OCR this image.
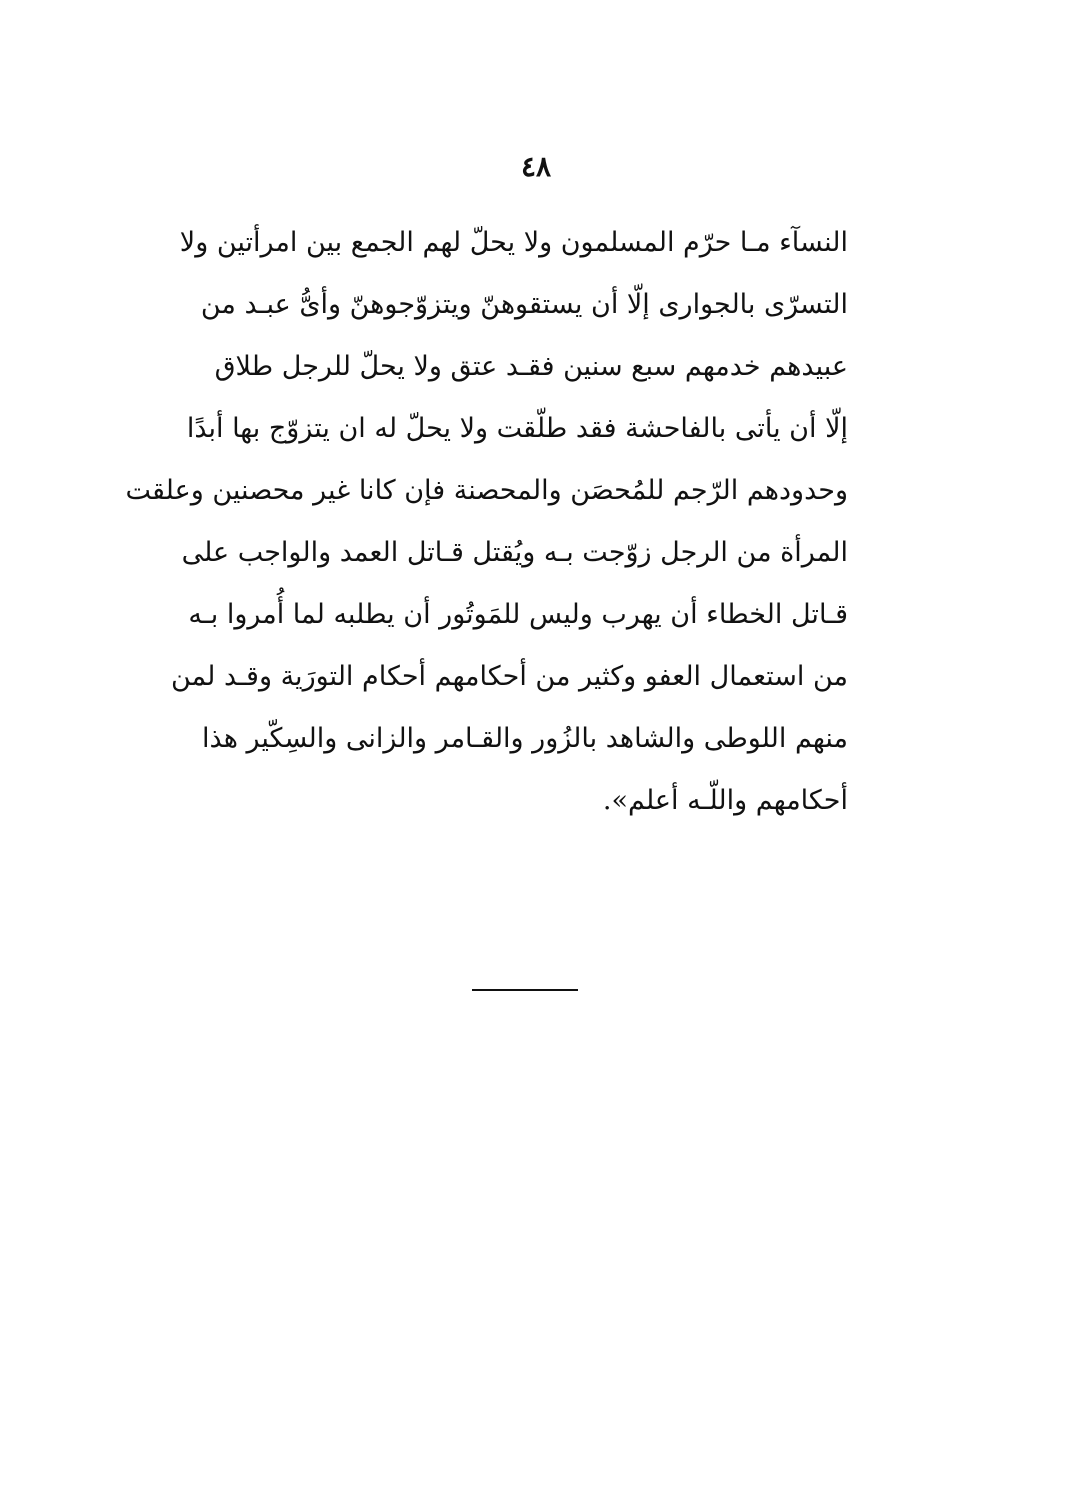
٤٨
النسآء مـا حرّم المسلمون ولا يحلّ لهم الجمع بين امرأتين ولا
التسرّى بالجوارى إلّا أن يستقوهنّ ويتزوّجوهنّ وأىُّ عبـد من
عبيدهم خدمهم سبع سنين فقـد عتق ولا يحلّ للرجل طلاق
إلّا أن يأتى بالفاحشة فقد طلّقت ولا يحلّ له ان يتزوّج بها أبدًا
وحدودهم الرّجم للمُحصَن والمحصنة فإن كانا غير محصنين وعلقت
المرأة من الرجل زوّجت بـه ويُقتل قـاتل العمد والواجب على
قـاتل الخطاء أن يهرب وليس للمَوتُور أن يطلبه لما أُمروا بـه
من استعمال العفو وكثير من أحكامهم أحكام التورَية وقـد لمن
منهم اللوطى والشاهد بالزُور والقـامر والزانى والسِكّير هذا
أحكامهم واللّـه أعلم».
